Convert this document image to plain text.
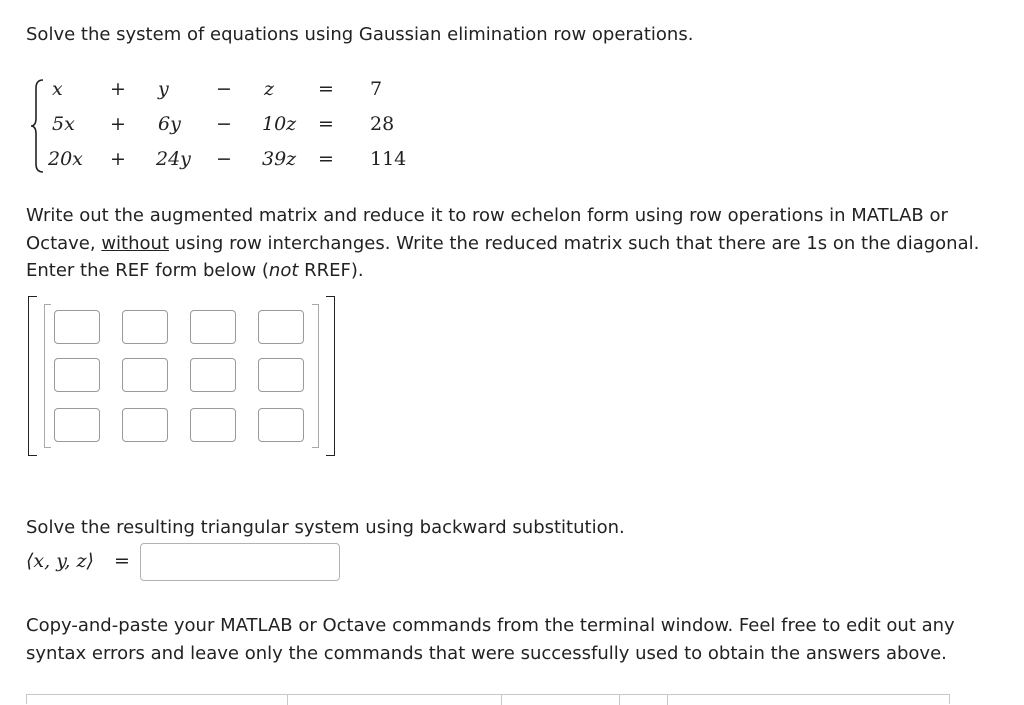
Solve the system of equations using Gaussian elimination row operations.
x + y − z = 7
5x + 6y − 10z = 28
20x + 24y − 39z = 114
Write out the augmented matrix and reduce it to row echelon form using row operations in MATLAB or Octave, without using row interchanges. Write the reduced matrix such that there are 1s on the diagonal. Enter the REF form below (not RREF).
Solve the resulting triangular system using backward substitution.
⟨x, y, z⟩ =
Copy-and-paste your MATLAB or Octave commands from the terminal window. Feel free to edit out any syntax errors and leave only the commands that were successfully used to obtain the answers above.
